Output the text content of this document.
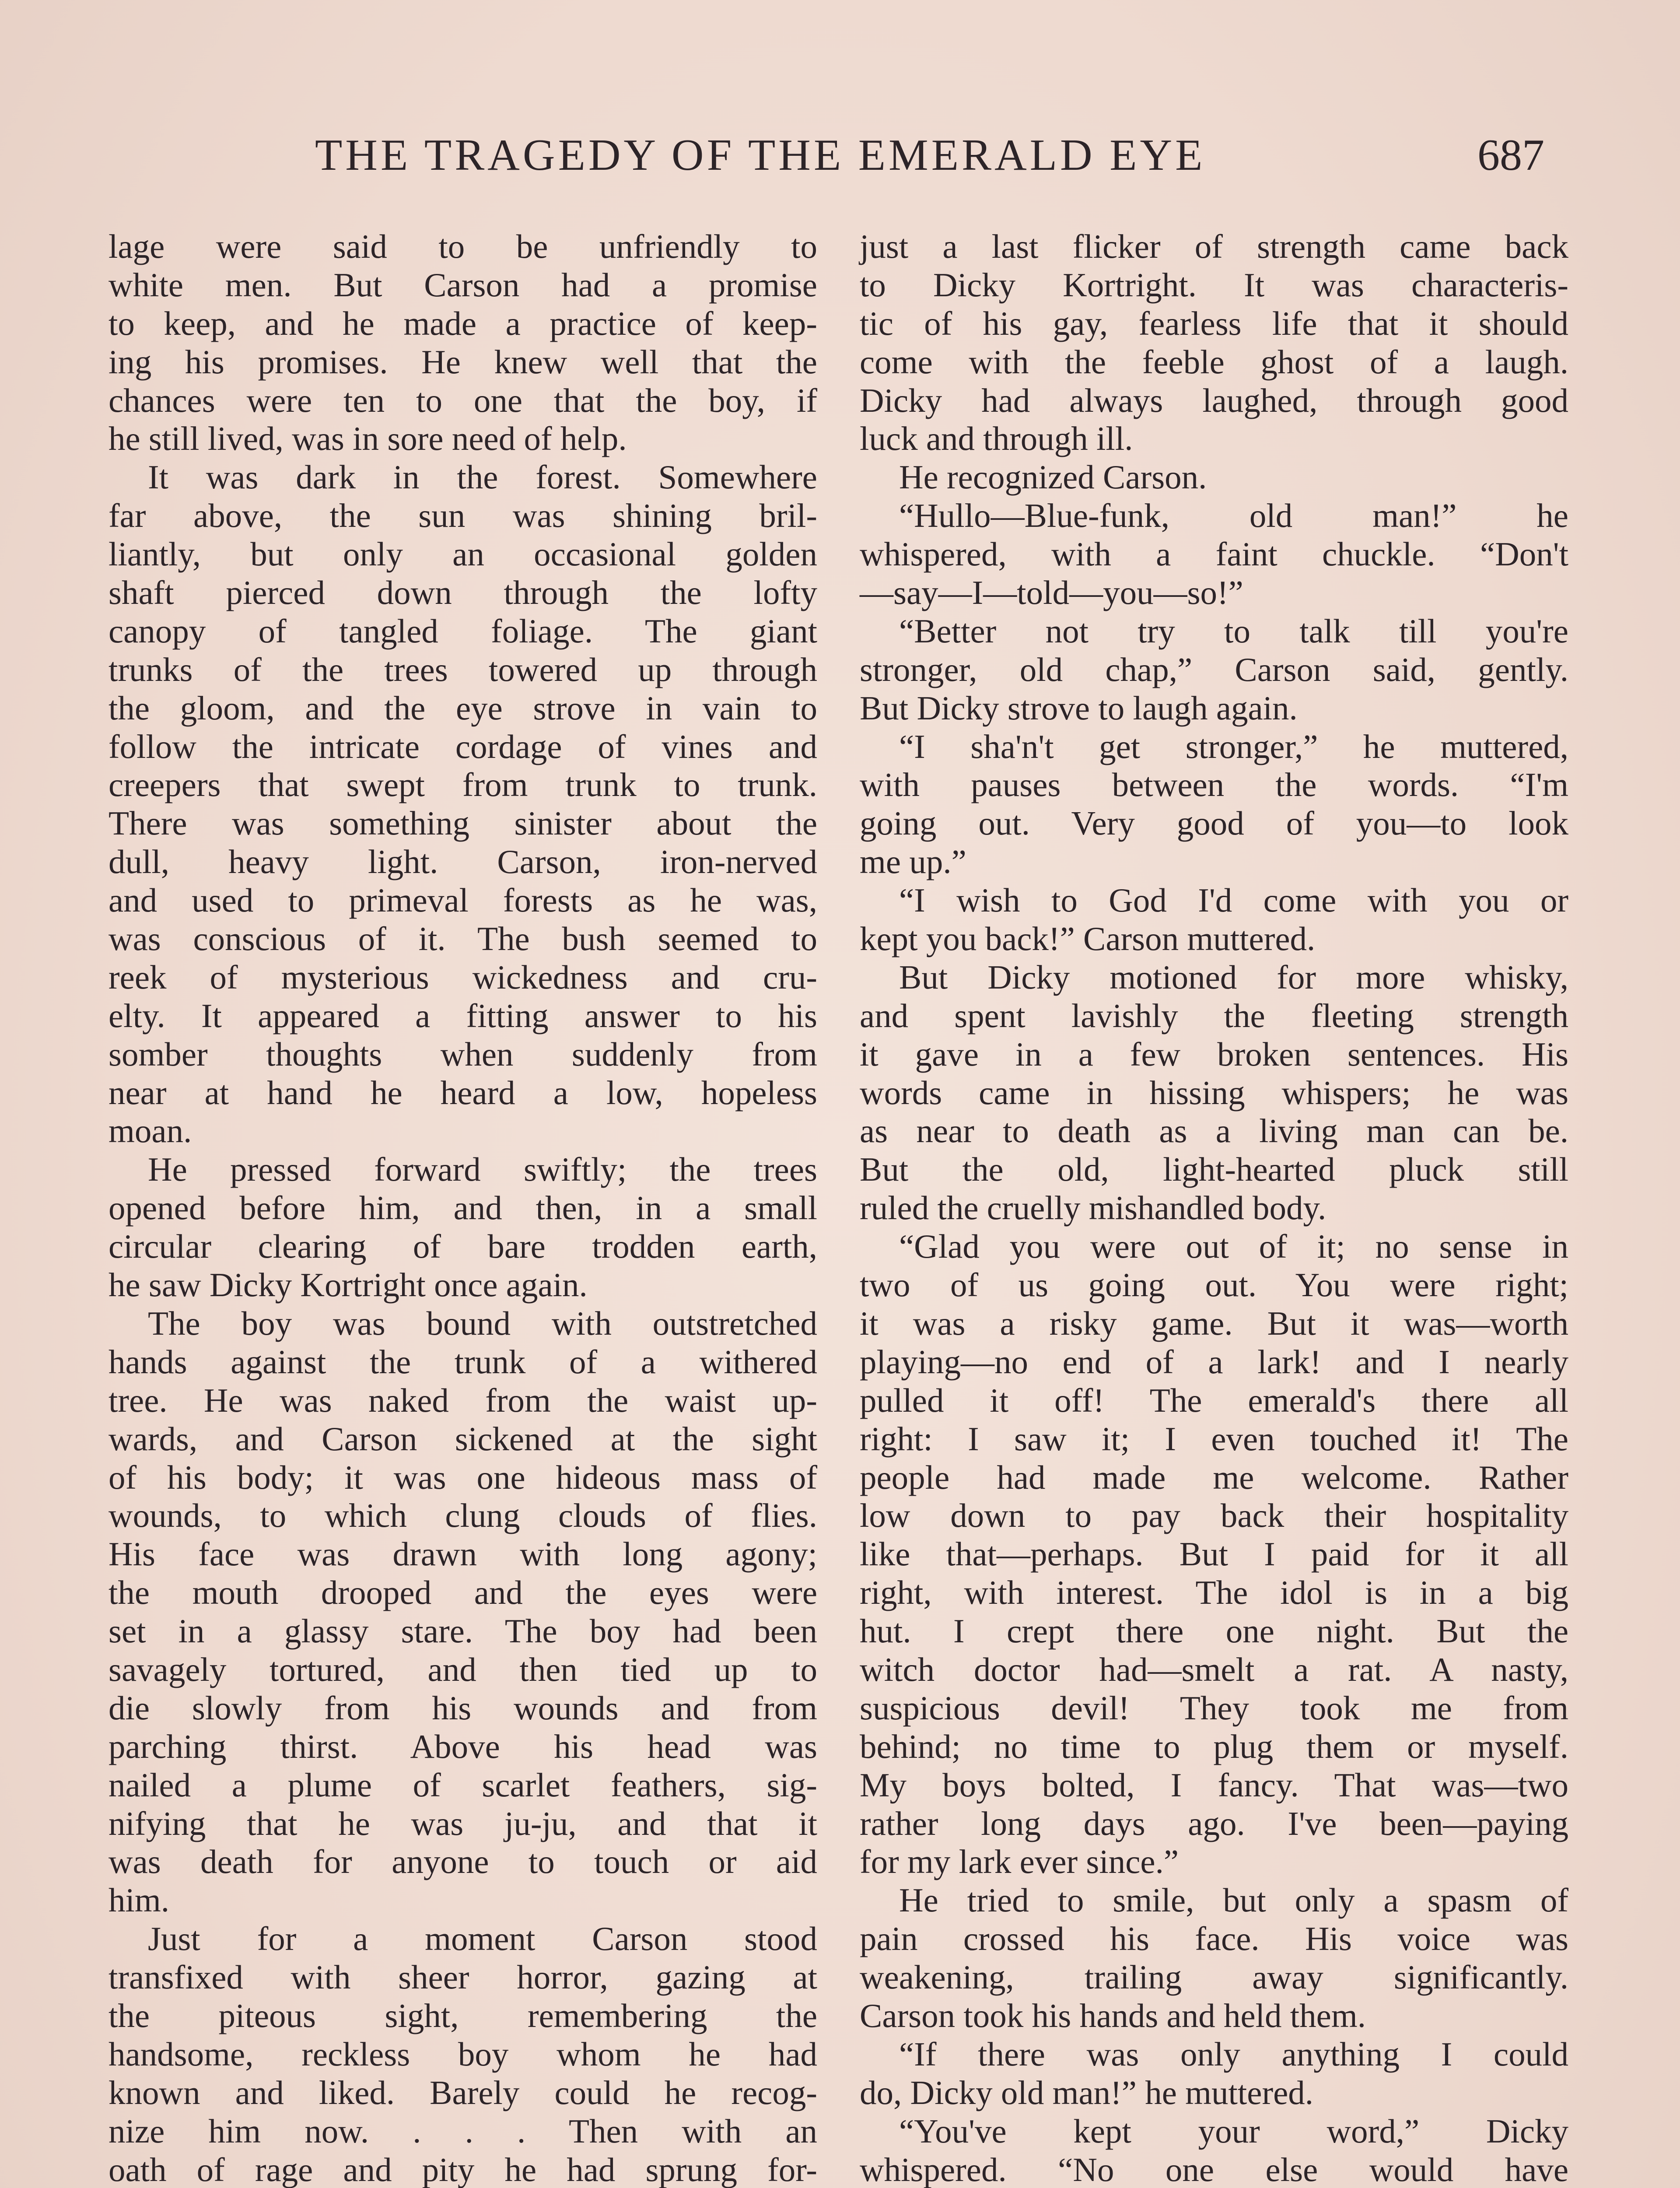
THE TRAGEDY OF THE EMERALD EYE	687
lage were said to be unfriendly to
white men. But Carson had a promise
to keep, and he made a practice of keep-
ing his promises. He knew well that the
chances were ten to one that the boy, if
he still lived, was in sore need of help.
It was dark in the forest. Somewhere
far above, the sun was shining bril-
liantly, but only an occasional golden
shaft pierced down through the lofty
canopy of tangled foliage. The giant
trunks of the trees towered up through
the gloom, and the eye strove in vain to
follow the intricate cordage of vines and
creepers that swept from trunk to trunk.
There was something sinister about the
dull, heavy light. Carson, iron-nerved
and used to primeval forests as he was,
was conscious of it. The bush seemed to
reek of mysterious wickedness and cru-
elty. It appeared a fitting answer to his
somber thoughts when suddenly from
near at hand he heard a low, hopeless
moan.
He pressed forward swiftly; the trees
opened before him, and then, in a small
circular clearing of bare trodden earth,
he saw Dicky Kortright once again.
The boy was bound with outstretched
hands against the trunk of a withered
tree. He was naked from the waist up-
wards, and Carson sickened at the sight
of his body; it was one hideous mass of
wounds, to which clung clouds of flies.
His face was drawn with long agony;
the mouth drooped and the eyes were
set in a glassy stare. The boy had been
savagely tortured, and then tied up to
die slowly from his wounds and from
parching thirst. Above his head was
nailed a plume of scarlet feathers, sig-
nifying that he was ju-ju, and that it
was death for anyone to touch or aid
him.
Just for a moment Carson stood
transfixed with sheer horror, gazing at
the piteous sight, remembering the
handsome, reckless boy whom he had
known and liked. Barely could he recog-
nize him now. . . . Then with an
oath of rage and pity he had sprung for-
just a last flicker of strength came back
to Dicky Kortright. It was characteris-
tic of his gay, fearless life that it should
come with the feeble ghost of a laugh.
Dicky had always laughed, through good
luck and through ill.
He recognized Carson.
“Hullo—Blue-funk, old man!” he
whispered, with a faint chuckle. “Don't
—say—I—told—you—so!”
“Better not try to talk till you're
stronger, old chap,” Carson said, gently.
But Dicky strove to laugh again.
“I sha'n't get stronger,” he muttered,
with pauses between the words. “I'm
going out. Very good of you—to look
me up.”
“I wish to God I'd come with you or
kept you back!” Carson muttered.
But Dicky motioned for more whisky,
and spent lavishly the fleeting strength
it gave in a few broken sentences. His
words came in hissing whispers; he was
as near to death as a living man can be.
But the old, light-hearted pluck still
ruled the cruelly mishandled body.
“Glad you were out of it; no sense in
two of us going out. You were right;
it was a risky game. But it was—worth
playing—no end of a lark! and I nearly
pulled it off! The emerald's there all
right: I saw it; I even touched it! The
people had made me welcome. Rather
low down to pay back their hospitality
like that—perhaps. But I paid for it all
right, with interest. The idol is in a big
hut. I crept there one night. But the
witch doctor had—smelt a rat. A nasty,
suspicious devil! They took me from
behind; no time to plug them or myself.
My boys bolted, I fancy. That was—two
rather long days ago. I've been—paying
for my lark ever since.”
He tried to smile, but only a spasm of
pain crossed his face. His voice was
weakening, trailing away significantly.
Carson took his hands and held them.
“If there was only anything I could
do, Dicky old man!” he muttered.
“You've kept your word,” Dicky
whispered. “No one else would have
